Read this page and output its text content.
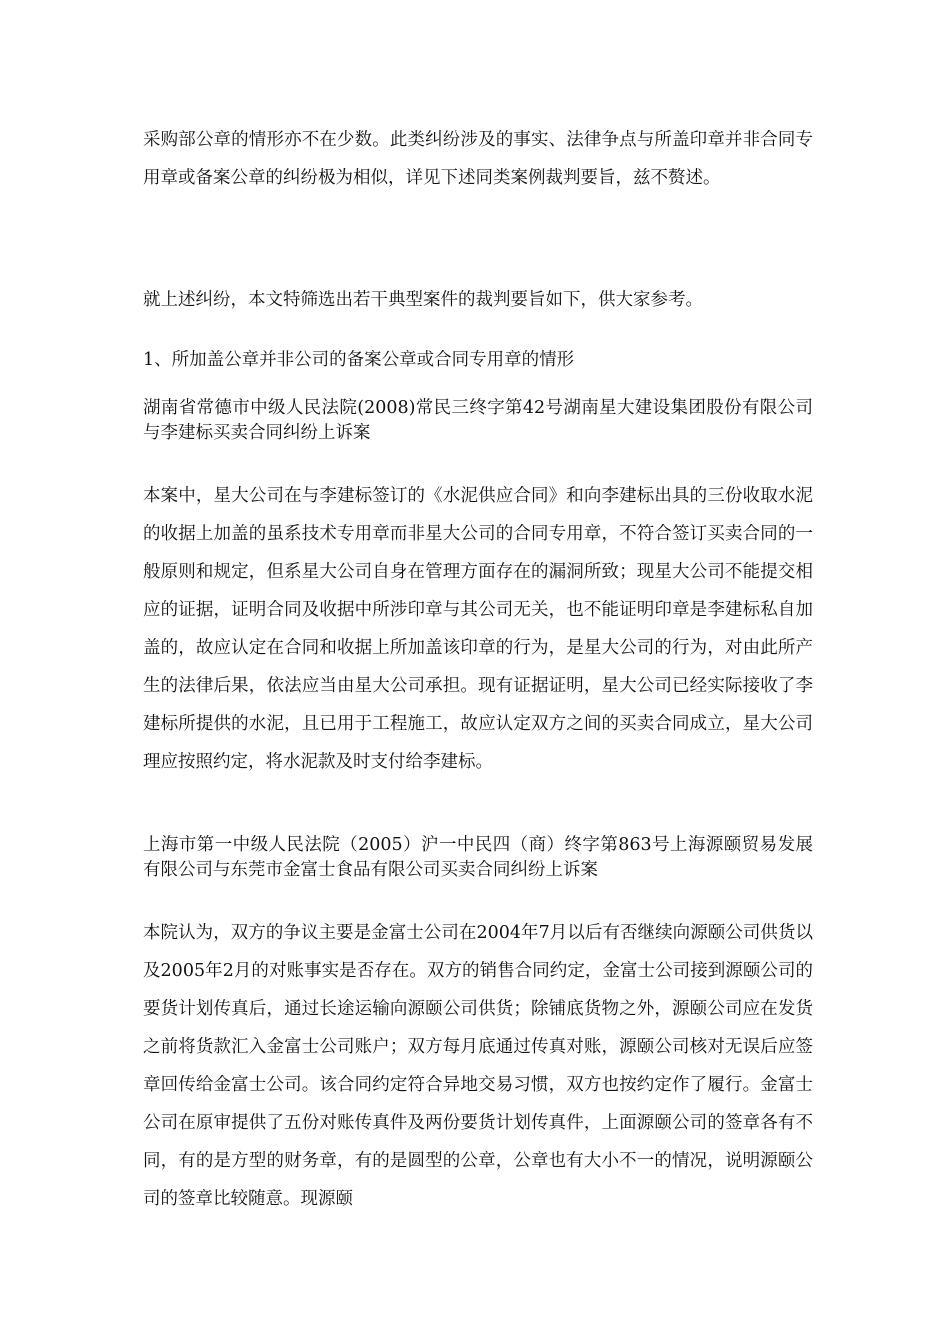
采购部公章的情形亦不在少数。此类纠纷涉及的事实、法律争点与所盖印章并非合同专用章或备案公章的纠纷极为相似，详见下述同类案例裁判要旨，兹不赘述。

就上述纠纷，本文特筛选出若干典型案件的裁判要旨如下，供大家参考。

1、所加盖公章并非公司的备案公章或合同专用章的情形

湖南省常德市中级人民法院(2008)常民三终字第42号湖南星大建设集团股份有限公司与李建标买卖合同纠纷上诉案

本案中，星大公司在与李建标签订的《水泥供应合同》和向李建标出具的三份收取水泥的收据上加盖的虽系技术专用章而非星大公司的合同专用章，不符合签订买卖合同的一般原则和规定，但系星大公司自身在管理方面存在的漏洞所致；现星大公司不能提交相应的证据，证明合同及收据中所涉印章与其公司无关，也不能证明印章是李建标私自加盖的，故应认定在合同和收据上所加盖该印章的行为，是星大公司的行为，对由此所产生的法律后果，依法应当由星大公司承担。现有证据证明，星大公司已经实际接收了李建标所提供的水泥，且已用于工程施工，故应认定双方之间的买卖合同成立，星大公司理应按照约定，将水泥款及时支付给李建标。

上海市第一中级人民法院（2005）沪一中民四（商）终字第863号上海源颐贸易发展有限公司与东莞市金富士食品有限公司买卖合同纠纷上诉案

本院认为，双方的争议主要是金富士公司在2004年7月以后有否继续向源颐公司供货以及2005年2月的对账事实是否存在。双方的销售合同约定，金富士公司接到源颐公司的要货计划传真后，通过长途运输向源颐公司供货；除铺底货物之外，源颐公司应在发货之前将货款汇入金富士公司账户；双方每月底通过传真对账，源颐公司核对无误后应签章回传给金富士公司。该合同约定符合异地交易习惯，双方也按约定作了履行。金富士公司在原审提供了五份对账传真件及两份要货计划传真件，上面源颐公司的签章各有不同，有的是方型的财务章，有的是圆型的公章，公章也有大小不一的情况，说明源颐公司的签章比较随意。现源颐
